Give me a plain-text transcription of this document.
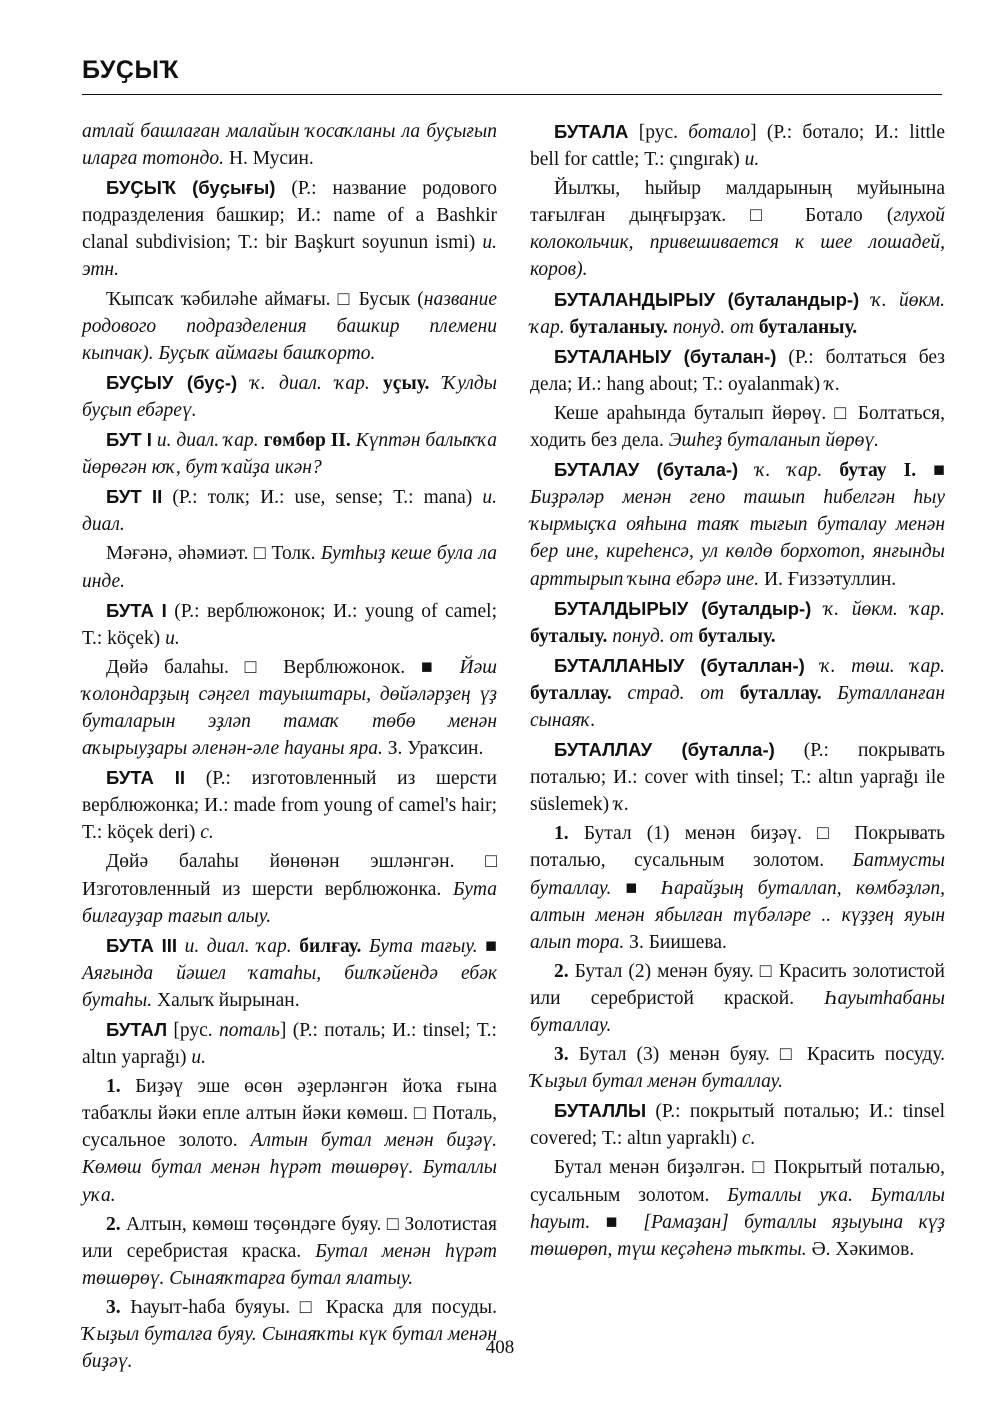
БУҪЫҠ

атлай башлаған малайын ҡосаҡланы ла буҫығып иларға тотондо. Н. Мусин.

БУҪЫҠ (буҫығы) (Р.: название родового подразделения башкир; И.: name of a Bashkir clanal subdivision; Т.: bir Başkurt soyunun ismi) и. этн.

Ҡыпсаҡ ҡәбиләһе аймағы. □ Бусык (название родового подразделения башкир племени кыпчак). Буҫыҡ аймағы башҡорто.

БУҪЫУ (буҫ-) ҡ. диал. ҡар. уҫыу. Ҡулды буҫып ебәреү.

БУТ I и. диал. ҡар. гөмбөр II. Күптән балыҡҡа йөрөгән юҡ, бут ҡайҙа икән?

БУТ II (Р.: толк; И.: use, sense; Т.: mana) и. диал.

Мәғәнә, әһәмиәт. □ Толк. Бутһыҙ кеше була ла инде.

БУТА I (Р.: верблюжонок; И.: young of camel; Т.: köçek) и.

Дөйә балаһы. □ Верблюжонок. ■ Йәш ҡолондарҙың сәңгел тауыштары, дөйәләрҙең үҙ буталарын эҙләп тамаҡ төбө менән аҡырыуҙары әленән-әле һауаны яра. З. Ураҡсин.

БУТА II (Р.: изготовленный из шерсти верблюжонка; И.: made from young of camel's hair; Т.: köçek deri) с.

Дөйә балаһы йөнөнән эшләнгән. □ Изготовленный из шерсти верблюжонка. Бута билғауҙар тағып алыу.

БУТА III и. диал. ҡар. билғау. Бута тағыу. ■ Аяғында йәшел ҡатаһы, билҡәйендә ебәк бутаһы. Халыҡ йырынан.

БУТАЛ [рус. поталь] (Р.: поталь; И.: tinsel; Т.: altın yaprağı) и.

1. Биҙәү эше өсөн әҙерләнгән йоҡа ғына табаҡлы йәки епле алтын йәки көмөш. □ Поталь, сусальное золото. Алтын бутал менән биҙәү. Көмөш бутал менән һүрәт төшөрөү. Буталлы уҡа.

2. Алтын, көмөш төҫөндәге буяу. □ Золотистая или серебристая краска. Бутал менән һүрәт төшөрөү. Сынаяҡтарға бутал ялатыу.

3. Һауыт-һаба буяуы. □ Краска для посуды. Ҡыҙыл буталға буяу. Сынаяҡты күк бутал менән биҙәү.

БУТАЛА [рус. ботало] (Р.: ботало; И.: little bell for cattle; Т.: çıngırak) и.

Йылҡы, һыйыр малдарының муйынына тағылған дыңғырҙаҡ. □ Ботало (глухой колокольчик, привешивается к шее лошадей, коров).

БУТАЛАНДЫРЫУ (буталандыр-) ҡ. йөкм. ҡар. буталаныу. понуд. от буталаныу.

БУТАЛАНЫУ (буталан-) (Р.: болтаться без дела; И.: hang about; Т.: oyalanmak) ҡ.

Кеше араһында буталып йөрөү. □ Болтаться, ходить без дела. Эшһеҙ буталанып йөрөү.

БУТАЛАУ (бутала-) ҡ. ҡар. бутау I. ■ Биҙрәләр менән гено ташып һибелгән һыу ҡырмыҫҡа ояһына таяҡ тығып буталау менән бер ине, киреһенсә, ул көлдө борхотоп, янғынды арттырып ҡына ебәрә ине. И. Ғиззәтуллин.

БУТАЛДЫРЫУ (буталдыр-) ҡ. йөкм. ҡар. буталыу. понуд. от буталыу.

БУТАЛЛАНЫУ (буталлан-) ҡ. төш. ҡар. буталлау. страд. от буталлау. Буталланған сынаяҡ.

БУТАЛЛАУ (буталла-) (Р.: покрывать поталью; И.: cover with tinsel; Т.: altın yaprağı ile süslemek) ҡ.

1. Бутал (1) менән биҙәү. □ Покрывать поталью, сусальным золотом. Батмусты буталлау. ■ Һарайҙың буталлап, көмбәҙләп, алтын менән ябылған түбәләре .. күҙҙең яуын алып тора. З. Биишева.

2. Бутал (2) менән буяу. □ Красить золотистой или серебристой краской. Һауытһабаны буталлау.

3. Бутал (3) менән буяу. □ Красить посуду. Ҡыҙыл бутал менән буталлау.

БУТАЛЛЫ (Р.: покрытый поталью; И.: tinsel covered; Т.: altın yapraklı) с.

Бутал менән биҙәлгән. □ Покрытый поталью, сусальным золотом. Буталлы уҡа. Буталлы һауыт. ■ [Рамаҙан] буталлы яҙыуына күҙ төшөрөп, түш кеҫәһенә тыҡты. Ә. Хәкимов.

408
